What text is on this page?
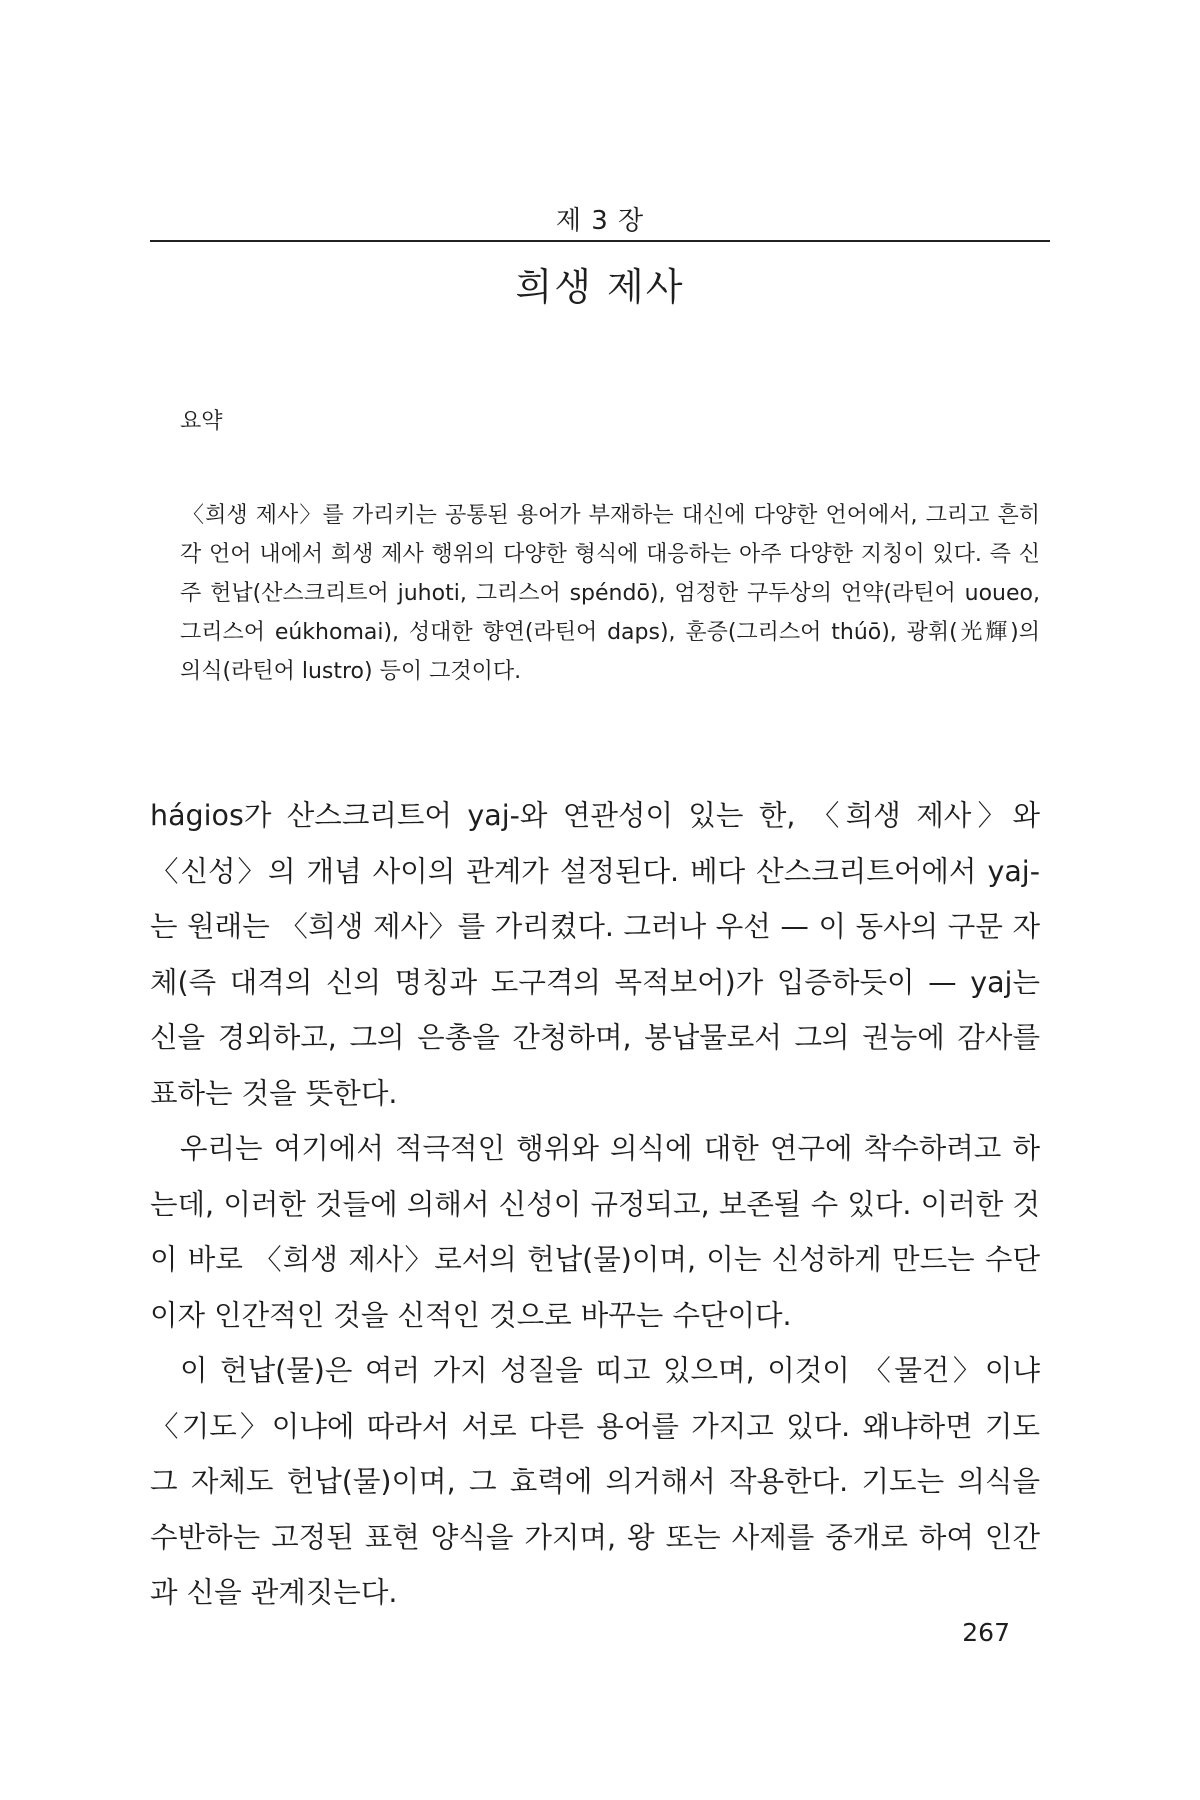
제 3 장
희생 제사
요약
〈희생 제사〉를 가리키는 공통된 용어가 부재하는 대신에 다양한 언어에서, 그리고 흔히 각 언어 내에서 희생 제사 행위의 다양한 형식에 대응하는 아주 다양한 지칭이 있다. 즉 신주 헌납(산스크리트어 juhoti, 그리스어 spéndō), 엄정한 구두상의 언약(라틴어 uoueo, 그리스어 eúkhomai), 성대한 향연(라틴어 daps), 훈증(그리스어 thúō), 광휘(光輝)의 의식(라틴어 lustro) 등이 그것이다.

hágios가 산스크리트어 yaj-와 연관성이 있는 한, 〈희생 제사〉와 〈신성〉의 개념 사이의 관계가 설정된다. 베다 산스크리트어에서 yaj-는 원래는 〈희생 제사〉를 가리켰다. 그러나 우선 — 이 동사의 구문 자체(즉 대격의 신의 명칭과 도구격의 목적보어)가 입증하듯이 — yaj는 신을 경외하고, 그의 은총을 간청하며, 봉납물로서 그의 권능에 감사를 표하는 것을 뜻한다.

우리는 여기에서 적극적인 행위와 의식에 대한 연구에 착수하려고 하는데, 이러한 것들에 의해서 신성이 규정되고, 보존될 수 있다. 이러한 것이 바로 〈희생 제사〉로서의 헌납(물)이며, 이는 신성하게 만드는 수단이자 인간적인 것을 신적인 것으로 바꾸는 수단이다.

이 헌납(물)은 여러 가지 성질을 띠고 있으며, 이것이 〈물건〉이냐 〈기도〉이냐에 따라서 서로 다른 용어를 가지고 있다. 왜냐하면 기도 그 자체도 헌납(물)이며, 그 효력에 의거해서 작용한다. 기도는 의식을 수반하는 고정된 표현 양식을 가지며, 왕 또는 사제를 중개로 하여 인간과 신을 관계짓는다.

267
